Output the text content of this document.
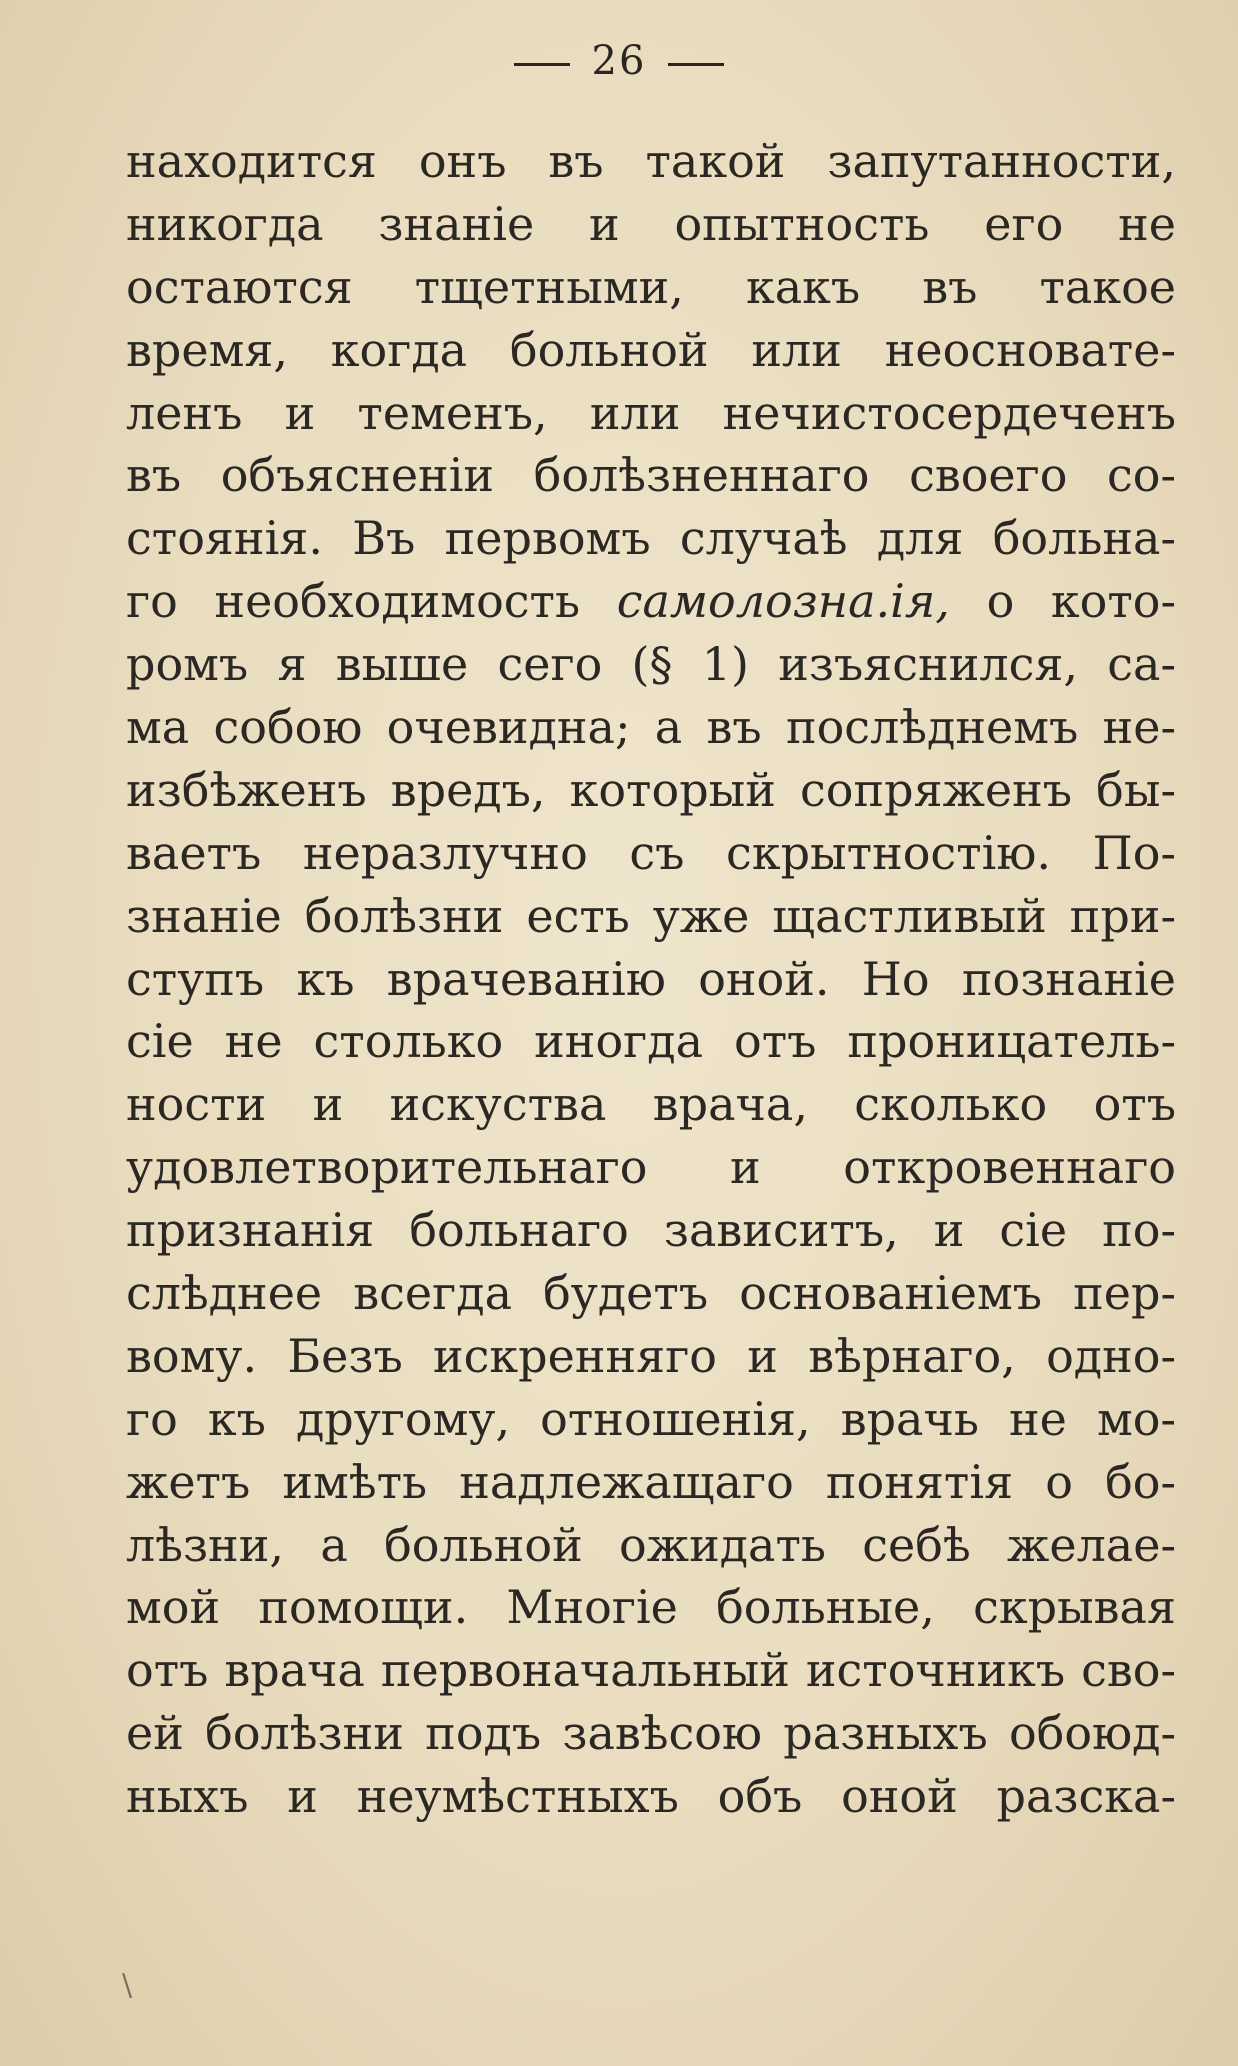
26
находится онъ въ такой запутанности,
никогда знаніе и опытность его не
остаются тщетными, какъ въ такое
время, когда больной или неосновате-
ленъ и теменъ, или нечистосердеченъ
въ объясненіи болѣзненнаго своего со-
стоянія. Въ первомъ случаѣ для больна-
го необходимость самолозна.ія, о кото-
ромъ я выше сего (§ 1) изъяснился, са-
ма собою очевидна; а въ послѣднемъ не-
избѣженъ вредъ, который сопряженъ бы-
ваетъ неразлучно съ скрытностію. По-
знаніе болѣзни есть уже щастливый при-
ступъ къ врачеванію оной. Но познаніе
сіе не столько иногда отъ проницатель-
ности и искуства врача, сколько отъ
удовлетворительнаго и откровеннаго
признанія больнаго зависитъ, и сіе по-
слѣднее всегда будетъ основаніемъ пер-
вому. Безъ искренняго и вѣрнаго, одно-
го къ другому, отношенія, врачь не мо-
жетъ имѣть надлежащаго понятія о бо-
лѣзни, а больной ожидать себѣ желае-
мой помощи. Многіе больные, скрывая
отъ врача первоначальный источникъ сво-
ей болѣзни подъ завѣсою разныхъ обоюд-
ныхъ и неумѣстныхъ объ оной разска-
\
